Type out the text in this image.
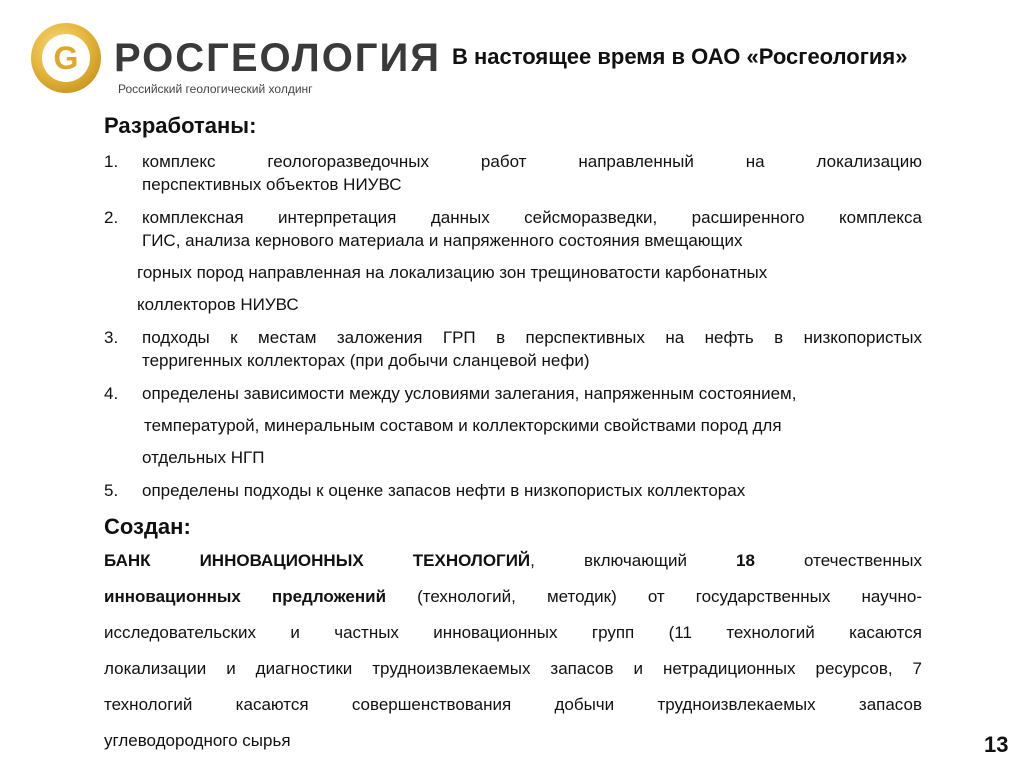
G РОСГЕОЛОГИЯ
Российский геологический холдинг
В настоящее время в ОАО «Росгеология»
Разработаны:
1. комплекс геологоразведочных работ направленный на локализацию
перспективных объектов НИУВС
2. комплексная интерпретация данных сейсморазведки, расширенного комплекса
ГИС, анализа кернового материала и напряженного состояния вмещающих
горных пород направленная на локализацию зон трещиноватости карбонатных
коллекторов НИУВС
3. подходы к местам заложения ГРП в перспективных на нефть в низкопористых
терригенных коллекторах (при добычи сланцевой нефи)
4. определены зависимости между условиями залегания, напряженным состоянием,
температурой, минеральным составом и коллекторскими свойствами пород для
отдельных НГП
5. определены подходы к оценке запасов нефти в низкопористых коллекторах
Создан:
БАНК ИННОВАЦИОННЫХ ТЕХНОЛОГИЙ, включающий 18 отечественных
инновационных предложений (технологий, методик) от государственных научно-
исследовательских и частных инновационных групп (11 технологий касаются
локализации и диагностики трудноизвлекаемых запасов и нетрадиционных ресурсов, 7
технологий касаются совершенствования добычи трудноизвлекаемых запасов
углеводородного сырья	13
